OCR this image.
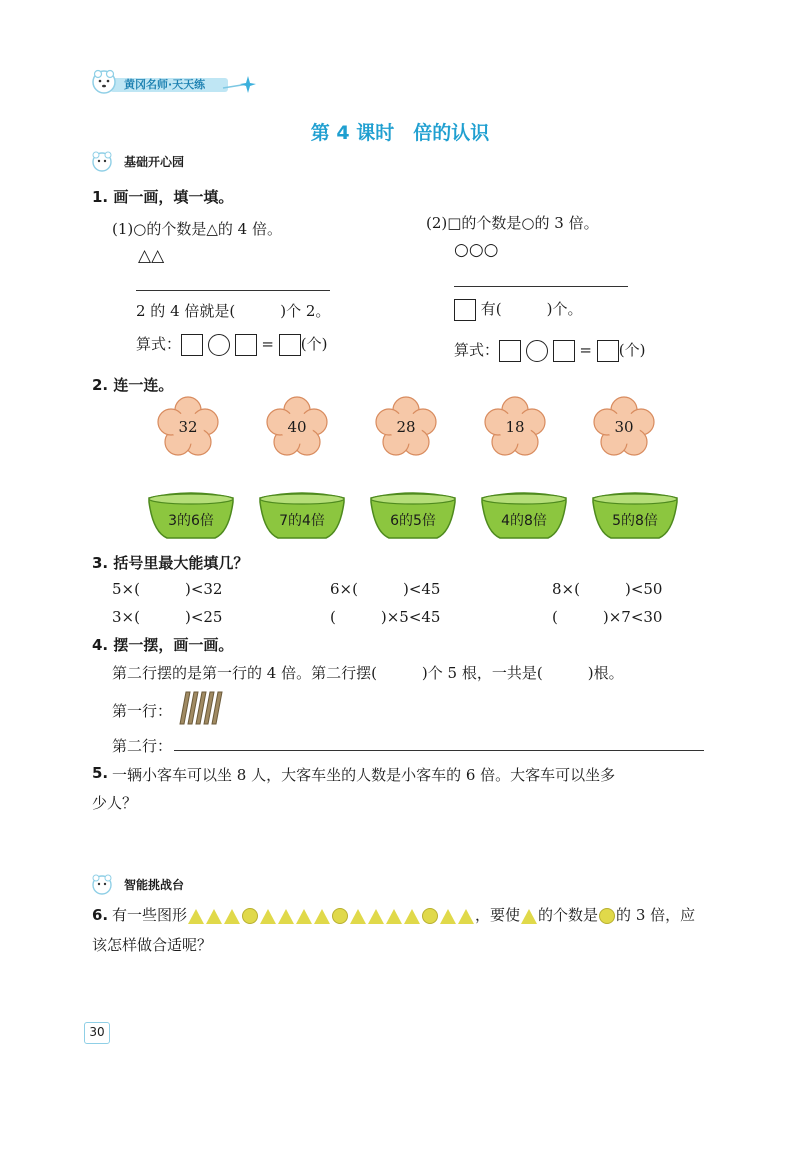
黄冈名师·天天练
第 4 课时　倍的认识
基础开心园
1. 画一画，填一填。
(1)○的个数是△的 4 倍。
△△
2 的 4 倍就是(　　　)个 2。
算式：	= (个)
(2)□的个数是○的 3 倍。
○○○
有(　　　)个。
算式：	= (个)
2. 连一连。
32	40	28	18	30
3的6倍	7的4倍	6的5倍	4的8倍	5的8倍
3. 括号里最大能填几？
5×(　　　)<32	6×(　　　)<45	8×(　　　)<50
3×(　　　)<25	(　　　)×5<45	(　　　)×7<30
4. 摆一摆，画一画。
第二行摆的是第一行的 4 倍。第二行摆(　　　)个 5 根，一共是(　　　)根。
第一行：
第二行：
5. 一辆小客车可以坐 8 人，大客车坐的人数是小客车的 6 倍。大客车可以坐多
少人？
智能挑战台
6. 有一些图形	，要使 的个数是 的 3 倍，应
该怎样做合适呢？
30
